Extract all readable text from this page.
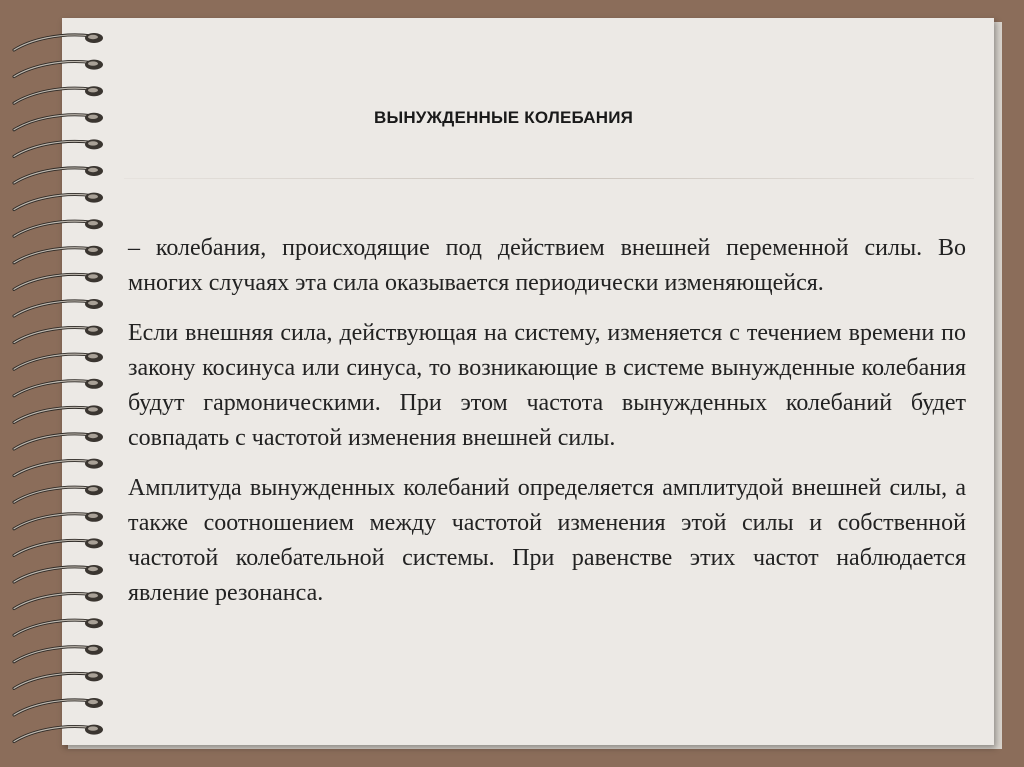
ВЫНУЖДЕННЫЕ КОЛЕБАНИЯ

– колебания, происходящие под действием внешней переменной силы. Во многих случаях эта сила оказывается периодически изменяющейся.

Если внешняя сила, действующая на систему, изменяется с течением времени по закону косинуса или синуса, то возникающие в системе вынужденные колебания будут гармоническими. При этом частота вынужденных колебаний будет совпадать с частотой изменения внешней силы.

Амплитуда вынужденных колебаний определяется амплитудой внешней силы, а также соотношением между частотой изменения этой силы и собственной частотой колебательной системы. При равенстве этих частот наблюдается явление резонанса.
